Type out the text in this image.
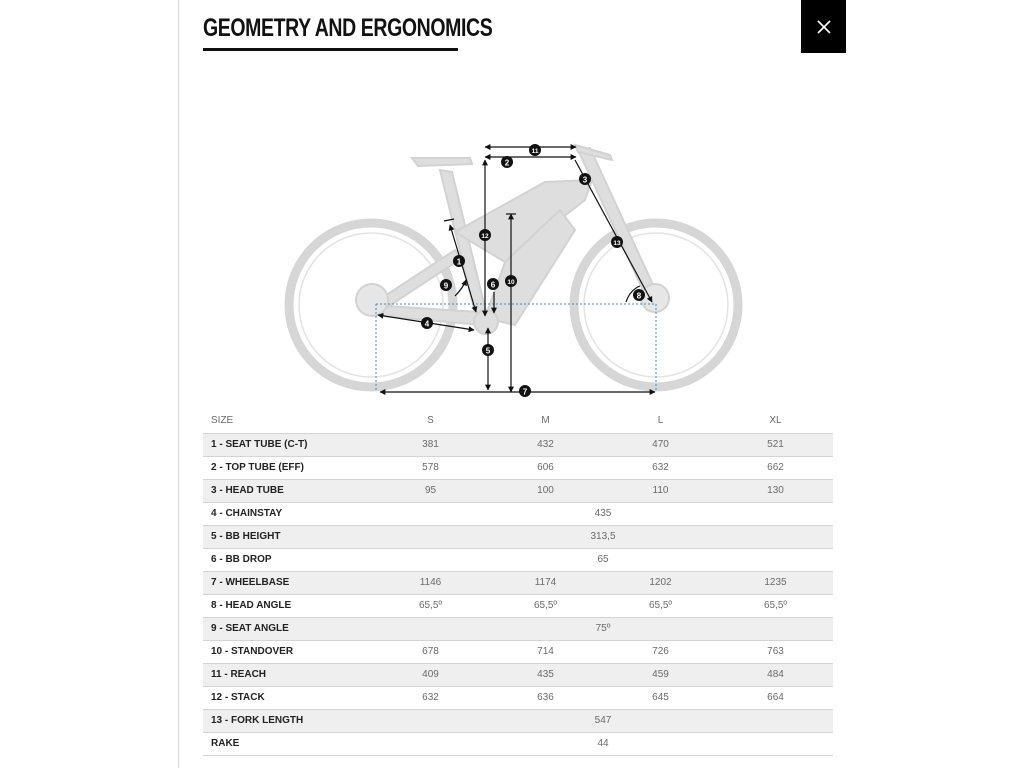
GEOMETRY AND ERGONOMICS
1
2
3
4
5
6
7
8
9	10
11
12
13
SIZE	S	M	L	XL
1 - SEAT TUBE (C-T)	381	432	470	521
2 - TOP TUBE (EFF)	578	606	632	662
3 - HEAD TUBE	95	100	110	130
4 - CHAINSTAY	435			
5 - BB HEIGHT	313,5			
6 - BB DROP	65			
7 - WHEELBASE	1146	1174	1202	1235
8 - HEAD ANGLE	65,5º	65,5º	65,5º	65,5º
9 - SEAT ANGLE	75º			
10 - STANDOVER	678	714	726	763
11 - REACH	409	435	459	484
12 - STACK	632	636	645	664
13 - FORK LENGTH	547			
RAKE	44			
